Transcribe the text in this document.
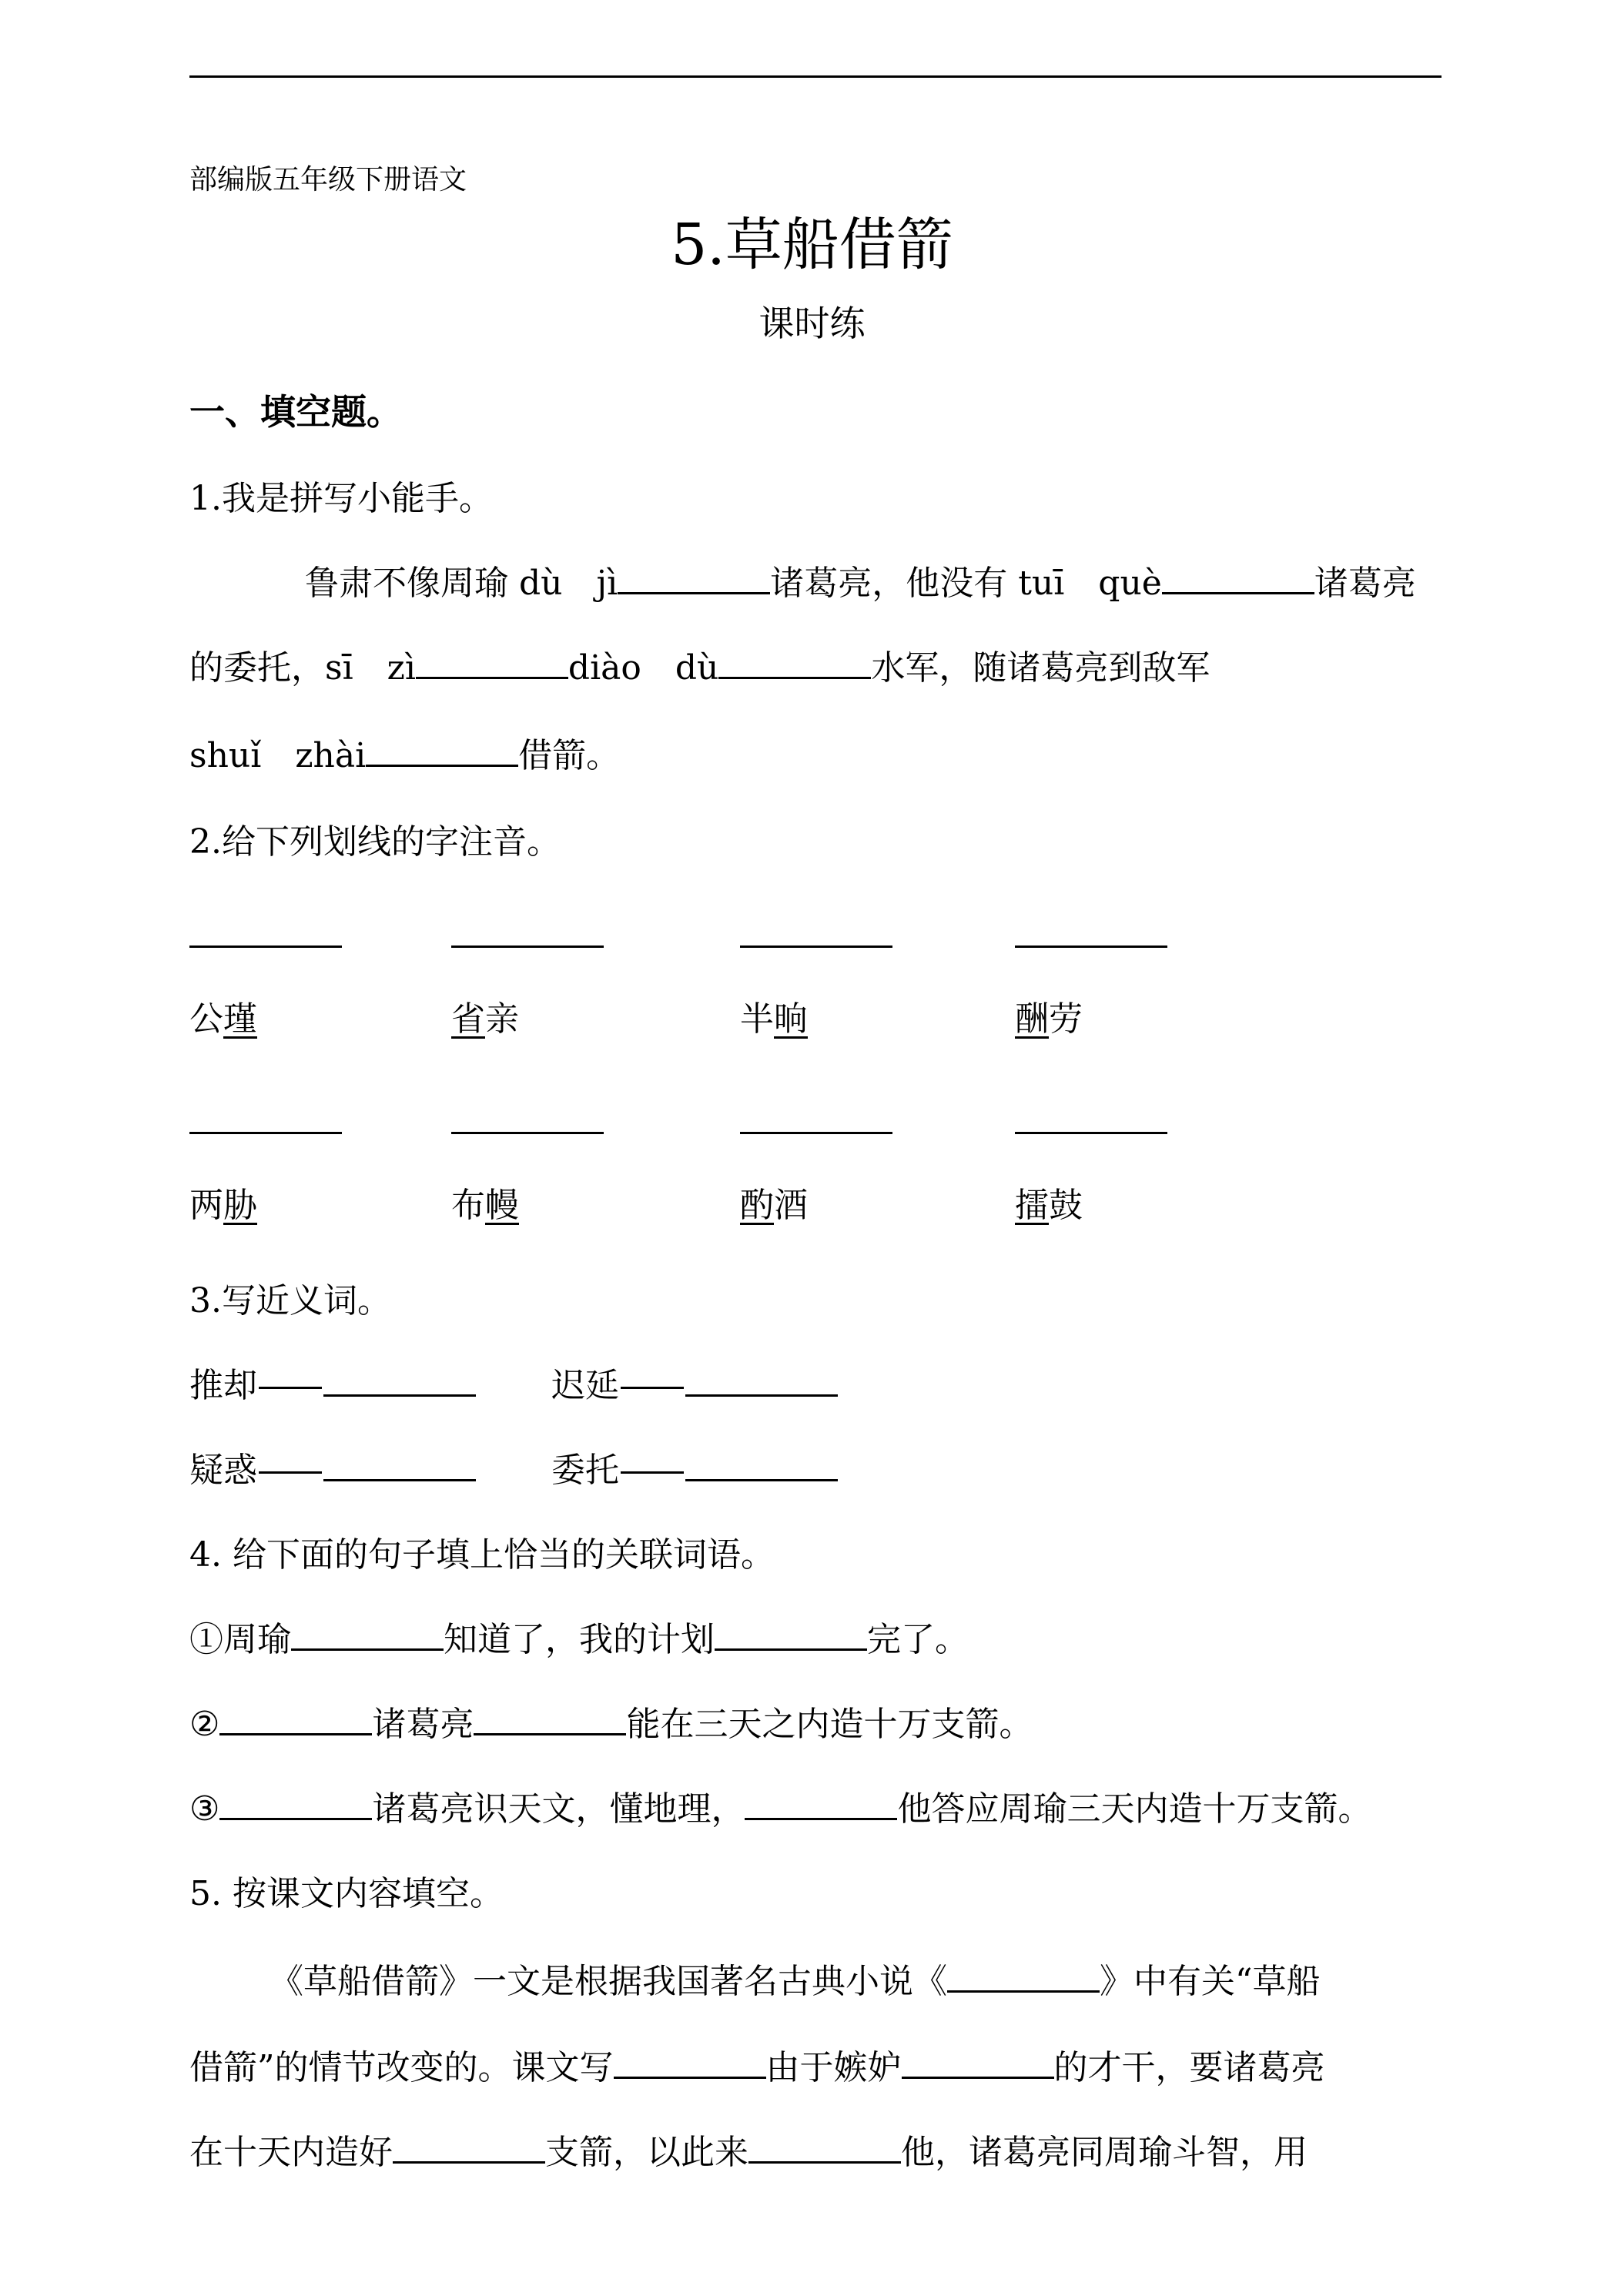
部编版五年级下册语文
5.草船借箭
课时练
一、填空题。
1.我是拼写小能手。
鲁肃不像周瑜 dù　jì	诸葛亮，他没有 tuī　què	诸葛亮
的委托，sī　zì	diào　dù	水军，随诸葛亮到敌军
shuǐ　zhài	借箭。
2.给下列划线的字注音。
公瑾	省亲	半晌	酬劳
两胁	布幔	酌酒	擂鼓
3.写近义词。
推却	迟延
疑惑	委托
4. 给下面的句子填上恰当的关联词语。
①周瑜	知道了，我的计划	完了。
②	诸葛亮	能在三天之内造十万支箭。
③	诸葛亮识天文，懂地理，	他答应周瑜三天内造十万支箭。
5. 按课文内容填空。
《草船借箭》一文是根据我国著名古典小说《	》中有关“草船
借箭”的情节改变的。课文写	由于嫉妒	的才干，要诸葛亮
在十天内造好	支箭，以此来	他，诸葛亮同周瑜斗智，用
